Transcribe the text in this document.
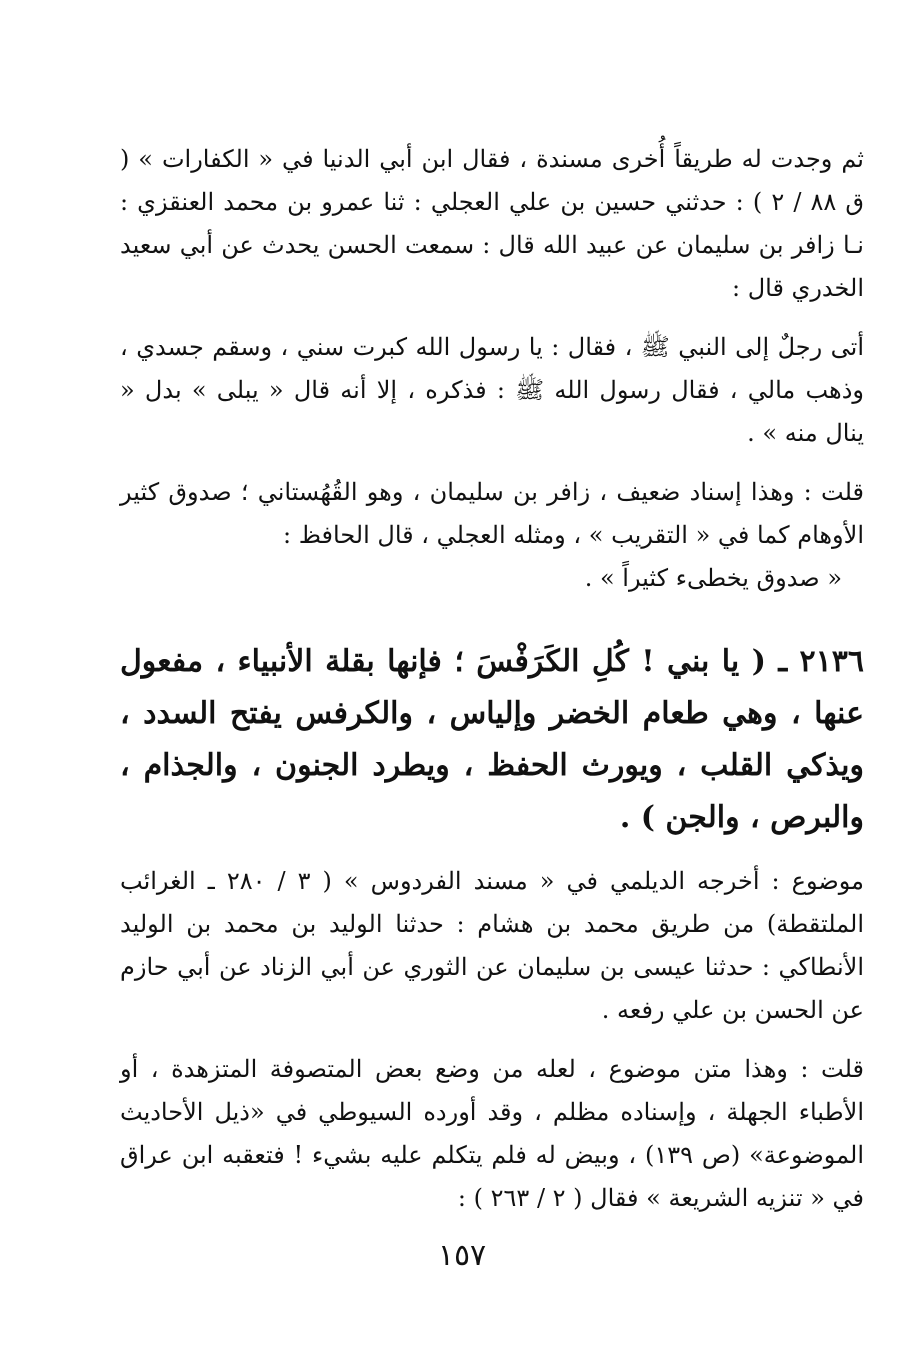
ثم وجدت له طريقاً أُخرى مسندة ، فقال ابن أبي الدنيا في « الكفارات » ( ق ٨٨ / ٢ ) : حدثني حسين بن علي العجلي : ثنا عمرو بن محمد العنقزي : نـا زافر بن سليمان عن عبيد الله قال : سمعت الحسن يحدث عن أبي سعيد الخدري قال :

أتى رجلٌ إلى النبي ﷺ ، فقال : يا رسول الله كبرت سني ، وسقم جسدي ، وذهب مالي ، فقال رسول الله ﷺ : فذكره ، إلا أنه قال « يبلى » بدل « ينال منه » .

قلت : وهذا إسناد ضعيف ، زافر بن سليمان ، وهو القُهُستاني ؛ صدوق كثير الأوهام كما في « التقريب » ، ومثله العجلي ، قال الحافظ :

« صدوق يخطىء كثيراً » .

٢١٣٦ ـ ( يا بني ! كُلِ الكَرَفْسَ ؛ فإنها بقلة الأنبياء ، مفعول عنها ، وهي طعام الخضر وإلياس ، والكرفس يفتح السدد ، ويذكي القلب ، ويورث الحفظ ، ويطرد الجنون ، والجذام ، والبرص ، والجن ) .

موضوع : أخرجه الديلمي في « مسند الفردوس » ( ٣ / ٢٨٠ ـ الغرائب الملتقطة) من طريق محمد بن هشام : حدثنا الوليد بن محمد بن الوليد الأنطاكي : حدثنا عيسى بن سليمان عن الثوري عن أبي الزناد عن أبي حازم عن الحسن بن علي رفعه .

قلت : وهذا متن موضوع ، لعله من وضع بعض المتصوفة المتزهدة ، أو الأطباء الجهلة ، وإسناده مظلم ، وقد أورده السيوطي في «ذيل الأحاديث الموضوعة» (ص ١٣٩) ، وبيض له فلم يتكلم عليه بشيء ! فتعقبه ابن عراق في « تنزيه الشريعة » فقال ( ٢ / ٢٦٣ ) :

١٥٧
